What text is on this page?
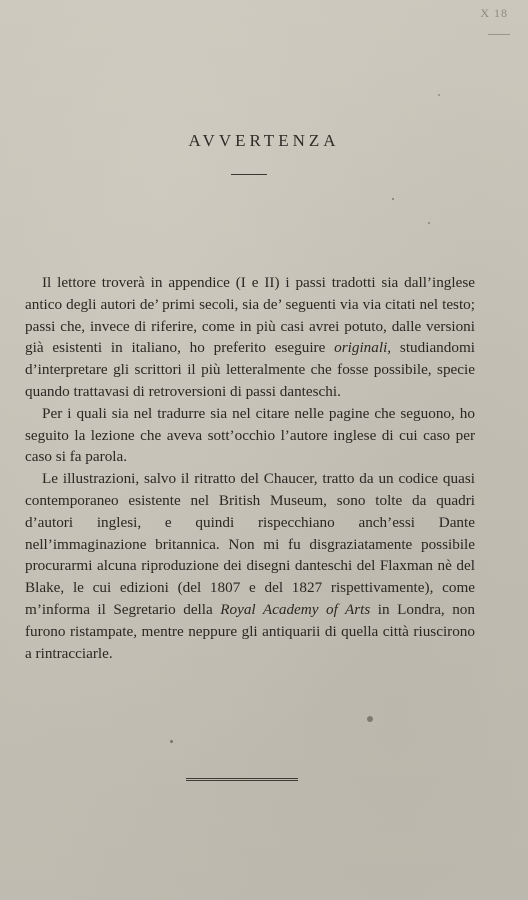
X 18
AVVERTENZA

Il lettore troverà in appendice (I e II) i passi tradotti sia dall’inglese antico degli autori de’ primi secoli, sia de’ seguenti via via citati nel testo; passi che, invece di riferire, come in più casi avrei potuto, dalle versioni già esistenti in italiano, ho preferito eseguire originali, studiandomi d’interpretare gli scrittori il più letteralmente che fosse possibile, specie quando trattavasi di retroversioni di passi danteschi.

Per i quali sia nel tradurre sia nel citare nelle pagine che seguono, ho seguito la lezione che aveva sott’occhio l’autore inglese di cui caso per caso si fa parola.

Le illustrazioni, salvo il ritratto del Chaucer, tratto da un codice quasi contemporaneo esistente nel British Museum, sono tolte da quadri d’autori inglesi, e quindi rispecchiano anch’essi Dante nell’immaginazione britannica. Non mi fu disgraziatamente possibile procurarmi alcuna riproduzione dei disegni danteschi del Flaxman nè del Blake, le cui edizioni (del 1807 e del 1827 rispettivamente), come m’informa il Segretario della Royal Academy of Arts in Londra, non furono ristampate, mentre neppure gli antiquarii di quella città riuscirono a rintracciarle.
